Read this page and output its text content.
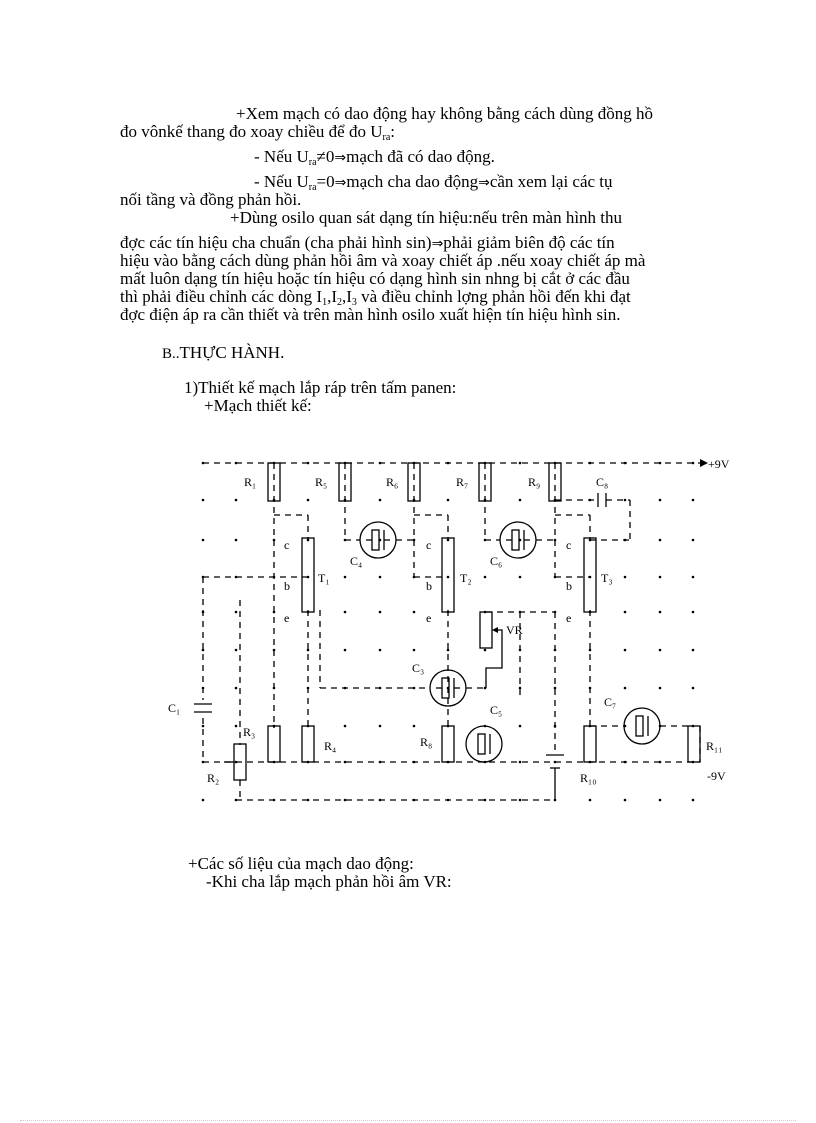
+Xem mạch có dao động hay không bằng cách dùng đồng hồ
đo vônkế thang đo xoay chiều để đo $U_{ra}$:
- Nếu $U_{ra}\ne 0\Rightarrow mạch$ đã có dao động.
- Nếu $U_{ra}=0\Rightarrow mạch$ cha dao động⇒cần xem lại các tụ
nối tầng và đồng phản hồi.
+Dùng osilo quan sát dạng tín hiệu:nếu trên màn hình thu
đợc các tín hiệu cha chuẩn (cha phải hình sin)⇒phải giảm biên độ các tín
hiệu vào bằng cách dùng phản hồi âm và xoay chiết áp .nếu xoay chiết áp mà
mất luôn dạng tín hiệu hoặc tín hiệu có dạng hình sin nhng bị cắt ở các đầu
thì phải điều chỉnh các dòng $I_1,I_2,I_3$ và điều chỉnh lợng phản hồi đến khi đạt
đợc điện áp ra cần thiết và trên màn hình osilo xuất hiện tín hiệu hình sin.
B..THỰC HÀNH.
1)Thiết kế mạch lắp ráp trên tấm panen:
+Mạch thiết kế:
+9V
-9V
R₁	R₅	R₆	R₇	R₉	C₈
C₄	C₆
T₁	T₂	T₃
c
b
e
c
b
e
c
b
e
VR
C₃
C₅
C₇
C₁
R₃
R₄	R₈
R₂	R₁₀
R₁₁
+Các số liệu của mạch dao động:
-Khi cha lắp mạch phản hồi âm VR:
